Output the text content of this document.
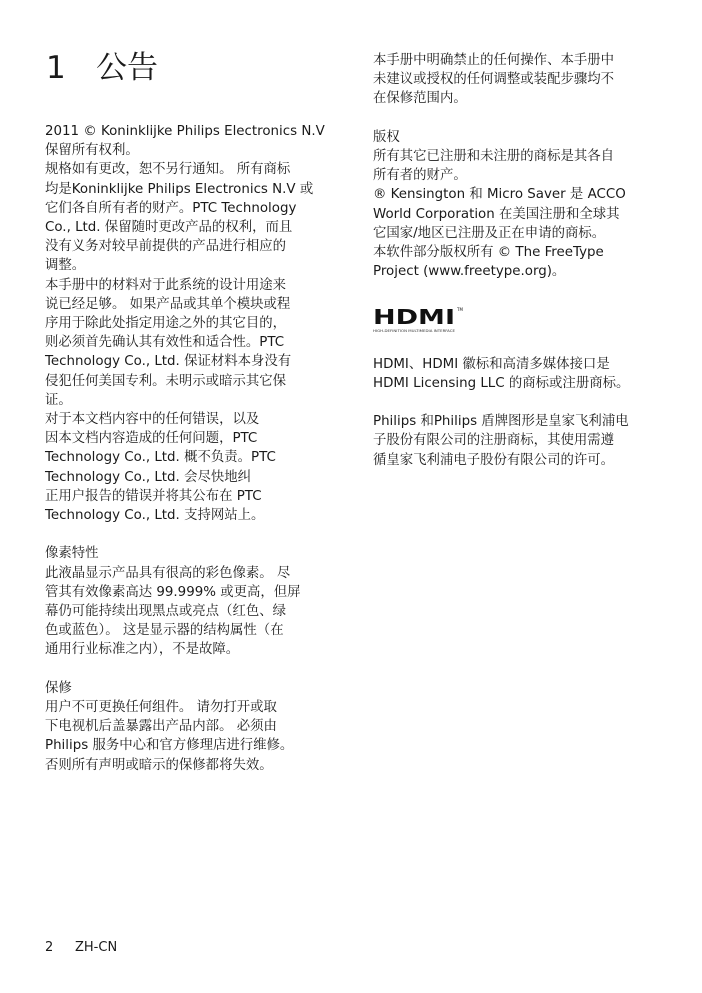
1 公告
2011 © Koninklijke Philips Electronics N.V
保留所有权利。
规格如有更改，恕不另行通知。 所有商标
均是Koninklijke Philips Electronics N.V 或
它们各自所有者的财产。PTC Technology
Co., Ltd. 保留随时更改产品的权利，而且
没有义务对较早前提供的产品进行相应的
调整。
本手册中的材料对于此系统的设计用途来
说已经足够。 如果产品或其单个模块或程
序用于除此处指定用途之外的其它目的，
则必须首先确认其有效性和适合性。PTC
Technology Co., Ltd. 保证材料本身没有
侵犯任何美国专利。未明示或暗示其它保
证。
对于本文档内容中的任何错误，以及
因本文档内容造成的任何问题，PTC
Technology Co., Ltd. 概不负责。PTC
Technology Co., Ltd. 会尽快地纠
正用户报告的错误并将其公布在 PTC
Technology Co., Ltd. 支持网站上。
像素特性
此液晶显示产品具有很高的彩色像素。 尽
管其有效像素高达 99.999% 或更高，但屏
幕仍可能持续出现黑点或亮点（红色、绿
色或蓝色）。 这是显示器的结构属性（在
通用行业标准之内），不是故障。
保修
用户不可更换任何组件。 请勿打开或取
下电视机后盖暴露出产品内部。 必须由
Philips 服务中心和官方修理店进行维修。
否则所有声明或暗示的保修都将失效。
本手册中明确禁止的任何操作、本手册中
未建议或授权的任何调整或装配步骤均不
在保修范围内。
版权
所有其它已注册和未注册的商标是其各自
所有者的财产。
® Kensington 和 Micro Saver 是 ACCO
World Corporation 在美国注册和全球其
它国家/地区已注册及正在申请的商标。
本软件部分版权所有 © The FreeType
Project (www.freetype.org)。
HDMI TM
HIGH-DEFINITION MULTIMEDIA INTERFACE
HDMI、HDMI 徽标和高清多媒体接口是
HDMI Licensing LLC 的商标或注册商标。
Philips 和Philips 盾牌图形是皇家飞利浦电
子股份有限公司的注册商标，其使用需遵
循皇家飞利浦电子股份有限公司的许可。
2 ZH-CN
